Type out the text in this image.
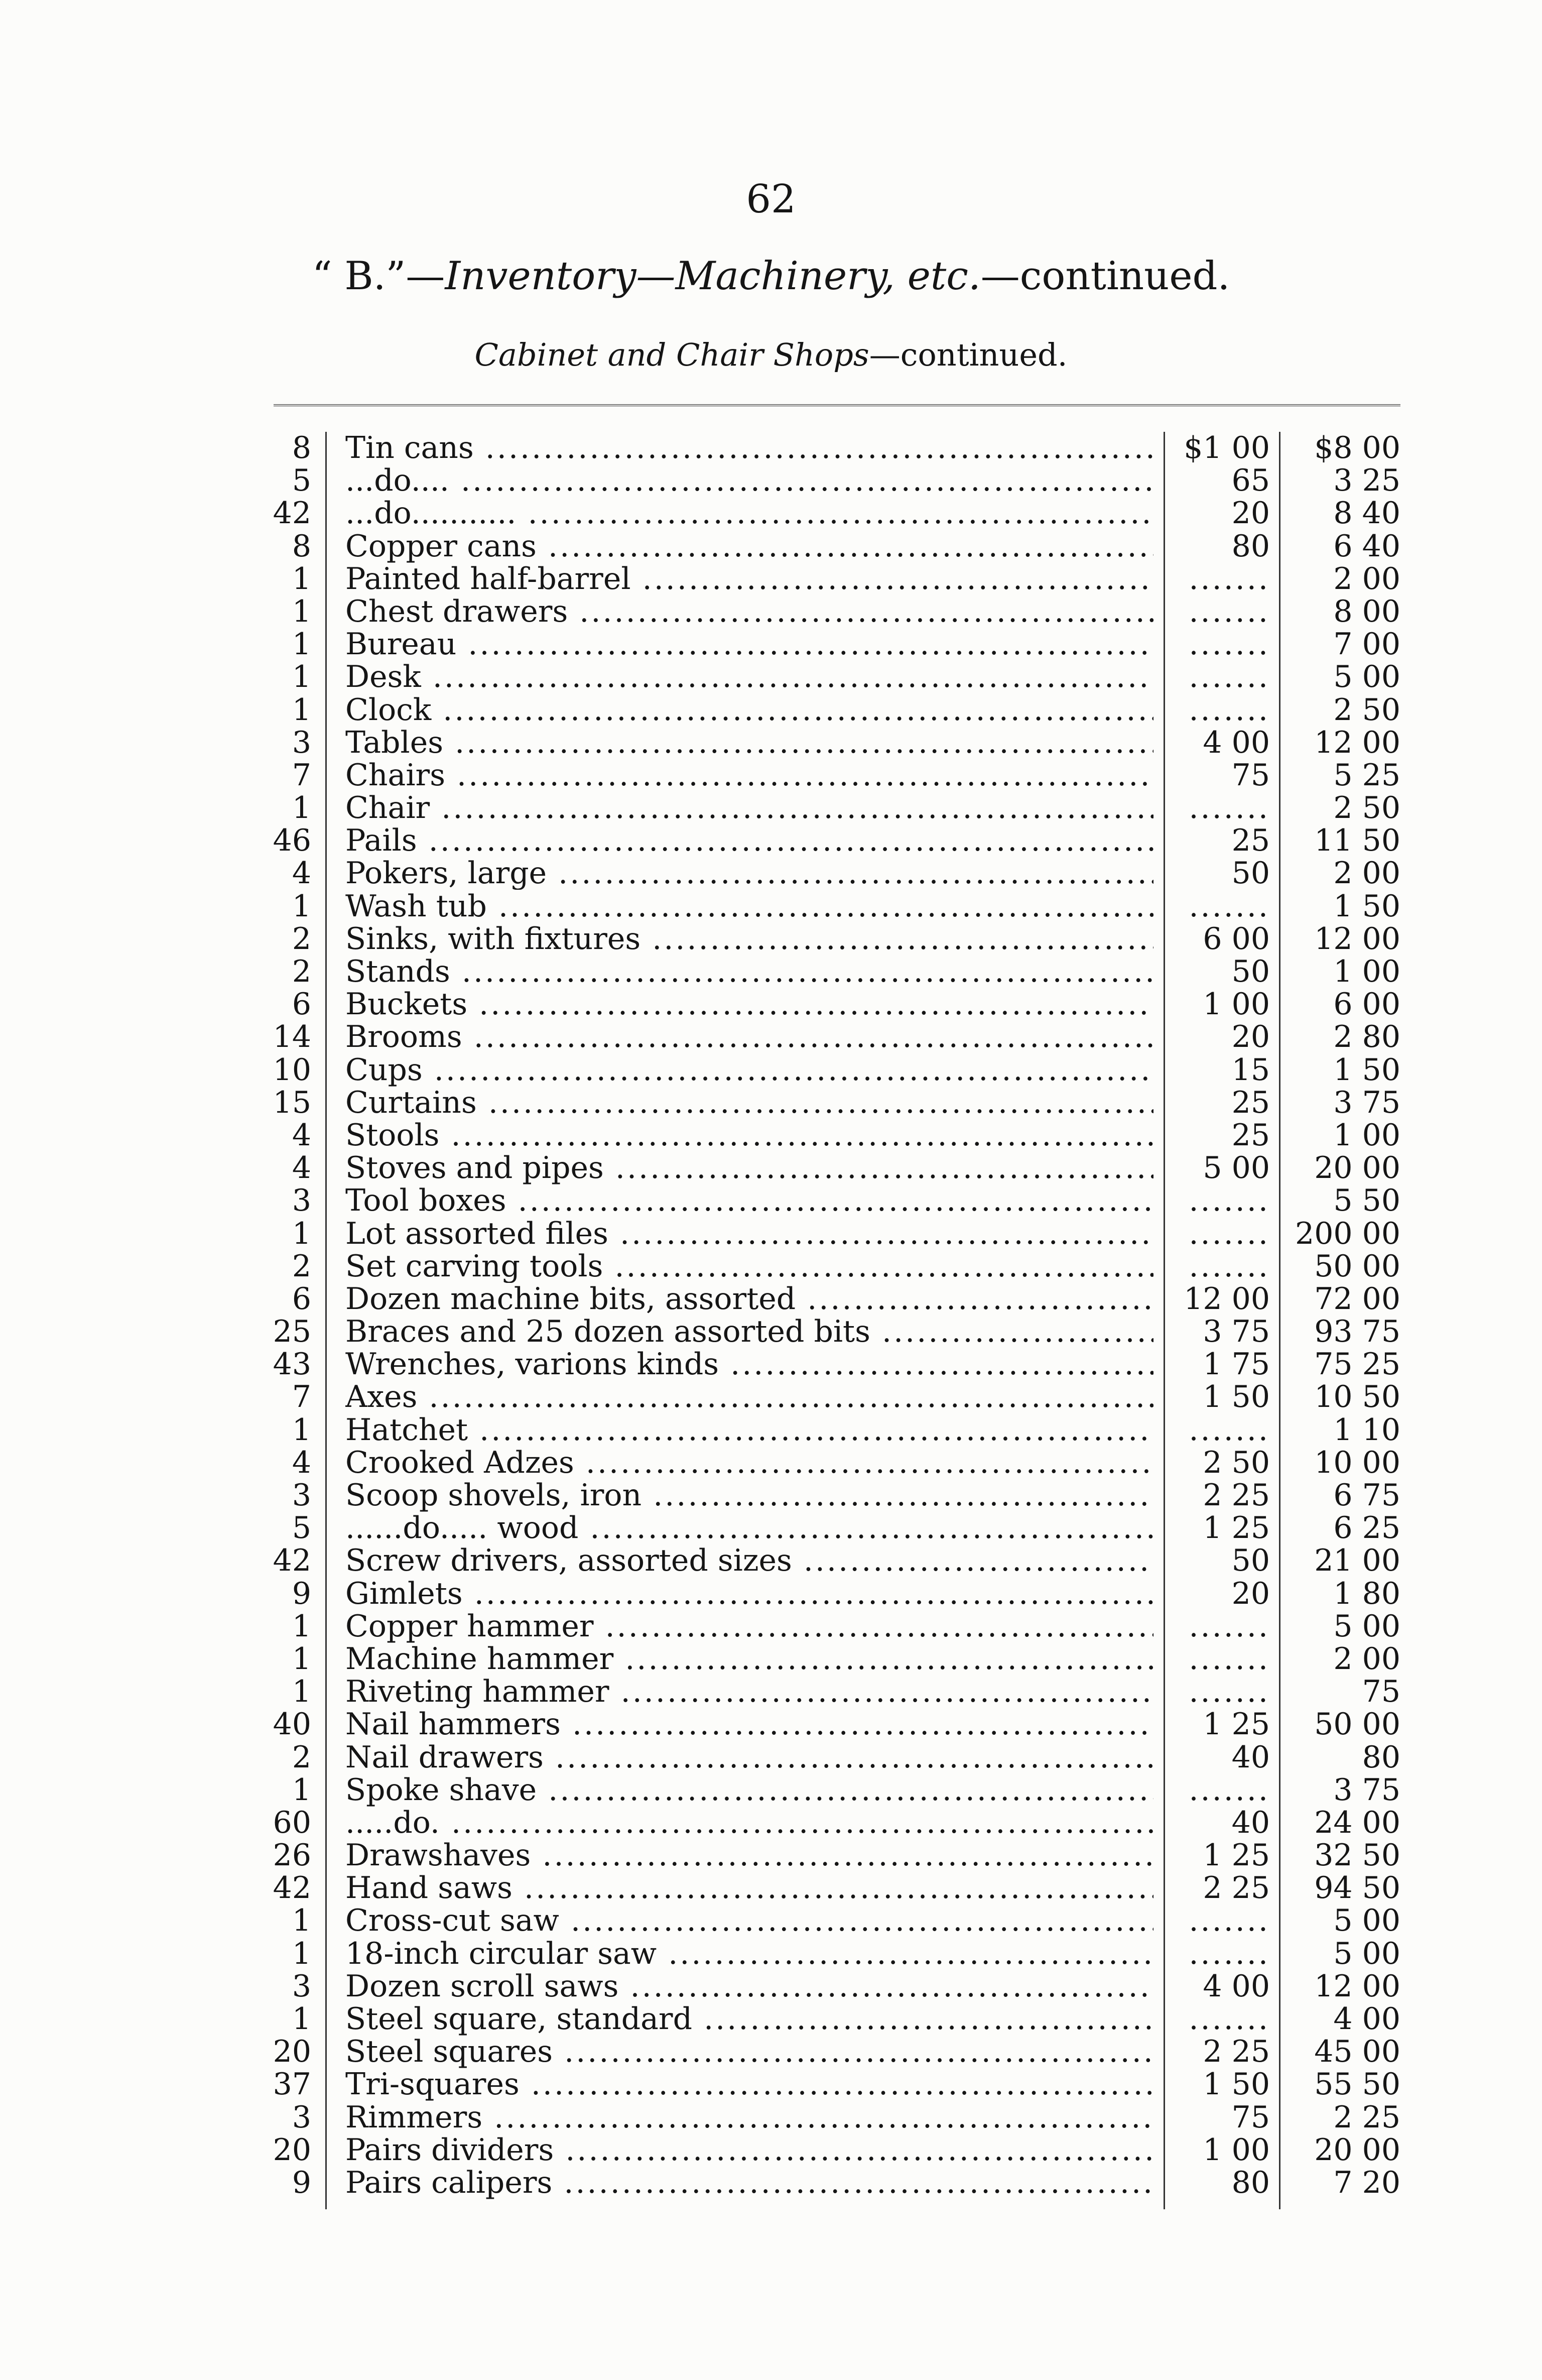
62
“ B.”—Inventory—Machinery, etc.—continued.
Cabinet and Chair Shops—continued.
8 Tin cans .....	$1 00	$8 00
5 ...do.... .....	65	3 25
42 ...do........... .....	20	8 40
8 Copper cans .....	80	6 40
1 Painted half-barrel ..... .......	2 00
1 Chest drawers ..... .......	8 00
1 Bureau ..... .......	7 00
1 Desk ..... .......	5 00
1 Clock ..... .......	2 50
3 Tables .....	4 00	12 00
7 Chairs .....	75	5 25
1 Chair ..... .......	2 50
46 Pails .....	25	11 50
4 Pokers, large .....	50	2 00
1 Wash tub ..... .......	1 50
2 Sinks, with fixtures .....	6 00	12 00
2 Stands .....	50	1 00
6 Buckets .....	1 00	6 00
14 Brooms .....	20	2 80
10 Cups .....	15	1 50
15 Curtains .....	25	3 75
4 Stools .....	25	1 00
4 Stoves and pipes .....	5 00	20 00
3 Tool boxes ..... .......	5 50
1 Lot assorted files ..... .......	200 00
2 Set carving tools ..... .......	50 00
6 Dozen machine bits, assorted .....	12 00	72 00
25 Braces and 25 dozen assorted bits .....	3 75	93 75
43 Wrenches, varions kinds .....	1 75	75 25
7 Axes .....	1 50	10 50
1 Hatchet ..... .......	1 10
4 Crooked Adzes .....	2 50	10 00
3 Scoop shovels, iron .....	2 25	6 75
5 ......do..... wood .....	1 25	6 25
42 Screw drivers, assorted sizes .....	50	21 00
9 Gimlets .....	20	1 80
1 Copper hammer ..... .......	5 00
1 Machine hammer ..... .......	2 00
1 Riveting hammer ..... .......	75
40 Nail hammers .....	1 25	50 00
2 Nail drawers .....	40	80
1 Spoke shave ..... .......	3 75
60 .....do. .....	40	24 00
26 Drawshaves .....	1 25	32 50
42 Hand saws .....	2 25	94 50
1 Cross-cut saw ..... .......	5 00
1 18-inch circular saw ..... .......	5 00
3 Dozen scroll saws .....	4 00	12 00
1 Steel square, standard ..... .......	4 00
20 Steel squares .....	2 25	45 00
37 Tri-squares .....	1 50	55 50
3 Rimmers .....	75	2 25
20 Pairs dividers .....	1 00	20 00
9 Pairs calipers .....	80	7 20
